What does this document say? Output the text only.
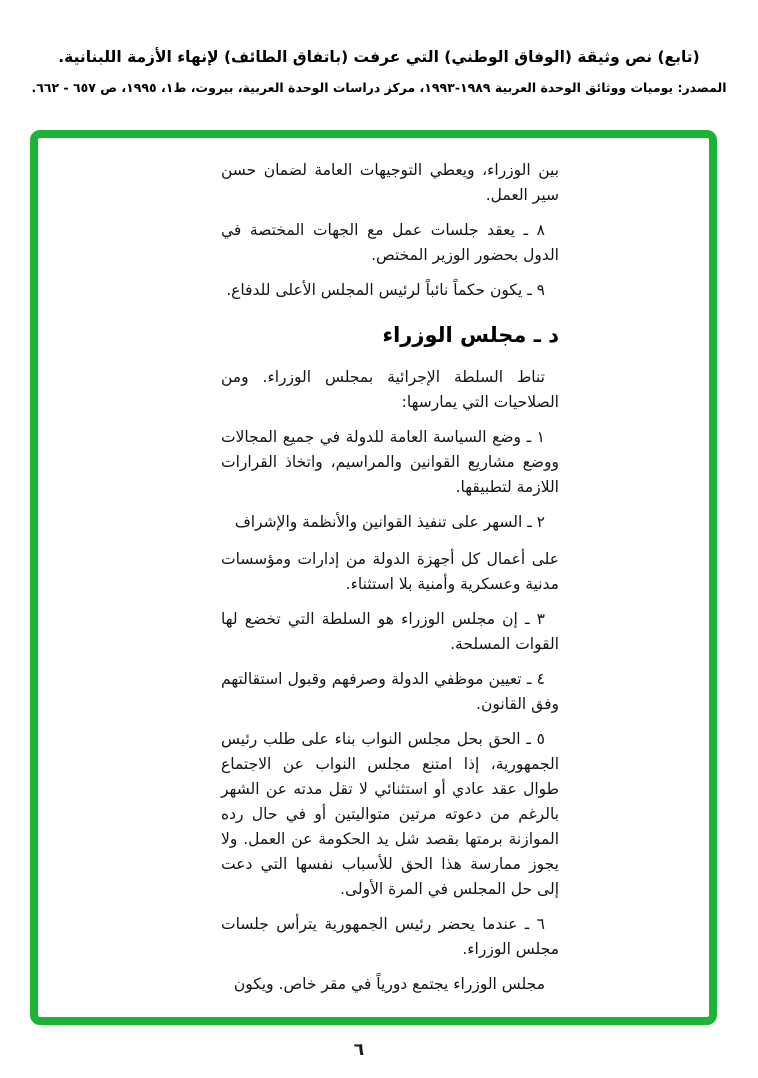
(تابع) نص وثيقة (الوفاق الوطني) التي عرفت (باتفاق الطائف) لإنهاء الأزمة اللبنانية.
المصدر: يوميات ووثائق الوحدة العربية ١٩٨٩-١٩٩٣، مركز دراسات الوحدة العربية، بيروت، ط١، ١٩٩٥، ص ٦٥٧ - ٦٦٢.

بين الوزراء، ويعطي التوجيهات العامة لضمان حسن سير العمل.

٨ ـ يعقد جلسات عمل مع الجهات المختصة في الدول بحضور الوزير المختص.

٩ ـ يكون حكماً نائباً لرئيس المجلس الأعلى للدفاع.

د ـ مجلس الوزراء

تناط السلطة الإجرائية بمجلس الوزراء. ومن الصلاحيات التي يمارسها:

١ ـ وضع السياسة العامة للدولة في جميع المجالات ووضع مشاريع القوانين والمراسيم، واتخاذ القرارات اللازمة لتطبيقها.

٢ ـ السهر على تنفيذ القوانين والأنظمة والإشراف

على أعمال كل أجهزة الدولة من إدارات ومؤسسات مدنية وعسكرية وأمنية بلا استثناء.

٣ ـ إن مجلس الوزراء هو السلطة التي تخضع لها القوات المسلحة.

٤ ـ تعيين موظفي الدولة وصرفهم وقبول استقالتهم وفق القانون.

٥ ـ الحق بحل مجلس النواب بناء على طلب رئيس الجمهورية، إذا امتنع مجلس النواب عن الاجتماع طوال عقد عادي أو استثنائي لا تقل مدته عن الشهر بالرغم من دعوته مرتين متواليتين أو في حال رده الموازنة برمتها بقصد شل يد الحكومة عن العمل. ولا يجوز ممارسة هذا الحق للأسباب نفسها التي دعت إلى حل المجلس في المرة الأولى.

٦ ـ عندما يحضر رئيس الجمهورية يترأس جلسات مجلس الوزراء.

مجلس الوزراء يجتمع دورياً في مقر خاص. ويكون

٦
